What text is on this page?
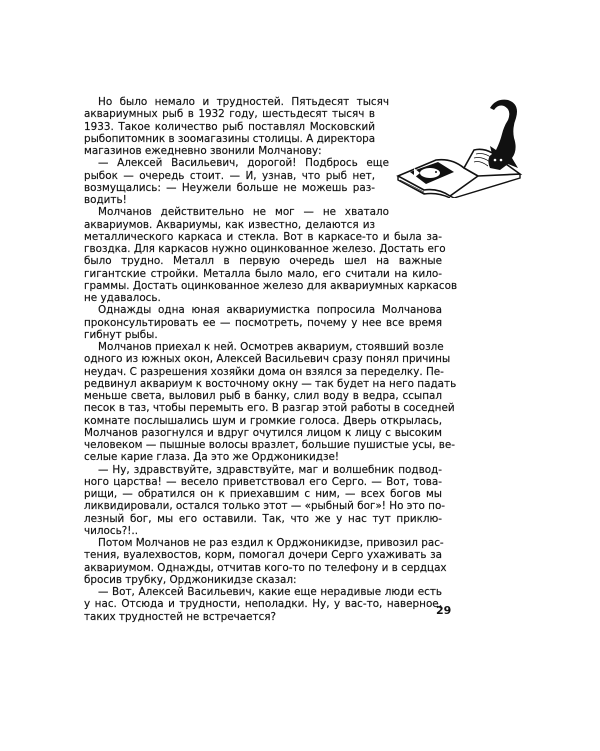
Но было немало и трудностей. Пятьдесят тысяч
аквариумных рыб в 1932 году, шестьдесят тысяч в
1933. Такое количество рыб поставлял Московский
рыбопитомник в зоомагазины столицы. А директора
магазинов ежедневно звонили Молчанову:
— Алексей Васильевич, дорогой! Подбрось еще
рыбок — очередь стоит. — И, узнав, что рыб нет,
возмущались: — Неужели больше не можешь раз-
водить!
Молчанов действительно не мог — не хватало
аквариумов. Аквариумы, как известно, делаются из
металлического каркаса и стекла. Вот в каркасе-то и была за-
гвоздка. Для каркасов нужно оцинкованное железо. Достать его
было трудно. Металл в первую очередь шел на важные
гигантские стройки. Металла было мало, его считали на кило-
граммы. Достать оцинкованное железо для аквариумных каркасов
не удавалось.
Однажды одна юная аквариумистка попросила Молчанова
проконсультировать ее — посмотреть, почему у нее все время
гибнут рыбы.
Молчанов приехал к ней. Осмотрев аквариум, стоявший возле
одного из южных окон, Алексей Васильевич сразу понял причины
неудач. С разрешения хозяйки дома он взялся за переделку. Пе-
редвинул аквариум к восточному окну — так будет на него падать
меньше света, выловил рыб в банку, слил воду в ведра, ссыпал
песок в таз, чтобы перемыть его. В разгар этой работы в соседней
комнате послышались шум и громкие голоса. Дверь открылась,
Молчанов разогнулся и вдруг очутился лицом к лицу с высоким
человеком — пышные волосы вразлет, большие пушистые усы, ве-
селые карие глаза. Да это же Орджоникидзе!
— Ну, здравствуйте, здравствуйте, маг и волшебник подвод-
ного царства! — весело приветствовал его Серго. — Вот, това-
рищи, — обратился он к приехавшим с ним, — всех богов мы
ликвидировали, остался только этот — «рыбный бог»! Но это по-
лезный бог, мы его оставили. Так, что же у нас тут приклю-
чилось?!..
Потом Молчанов не раз ездил к Орджоникидзе, привозил рас-
тения, вуалехвостов, корм, помогал дочери Серго ухаживать за
аквариумом. Однажды, отчитав кого-то по телефону и в сердцах
бросив трубку, Орджоникидзе сказал:
— Вот, Алексей Васильевич, какие еще нерадивые люди есть
у нас. Отсюда и трудности, неполадки. Ну, у вас-то, наверное,
таких трудностей не встречается?	29
